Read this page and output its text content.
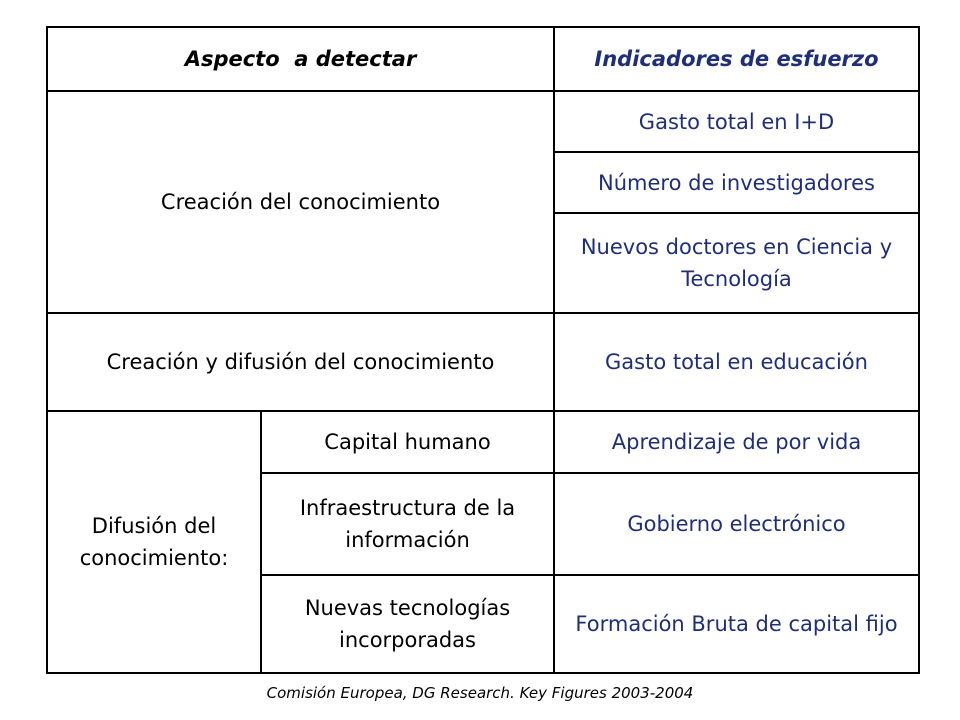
Aspecto  a detectar		Indicadores de esfuerzo
Creación del conocimiento		Gasto total en I+D
		Número de investigadores
		Nuevos doctores en Ciencia y Tecnología
Creación y difusión del conocimiento		Gasto total en educación
Difusión del conocimiento:	Capital humano	Aprendizaje de por vida
	Infraestructura de la información	Gobierno electrónico
	Nuevas tecnologías incorporadas	Formación Bruta de capital fijo
Comisión Europea, DG Research. Key Figures 2003-2004
